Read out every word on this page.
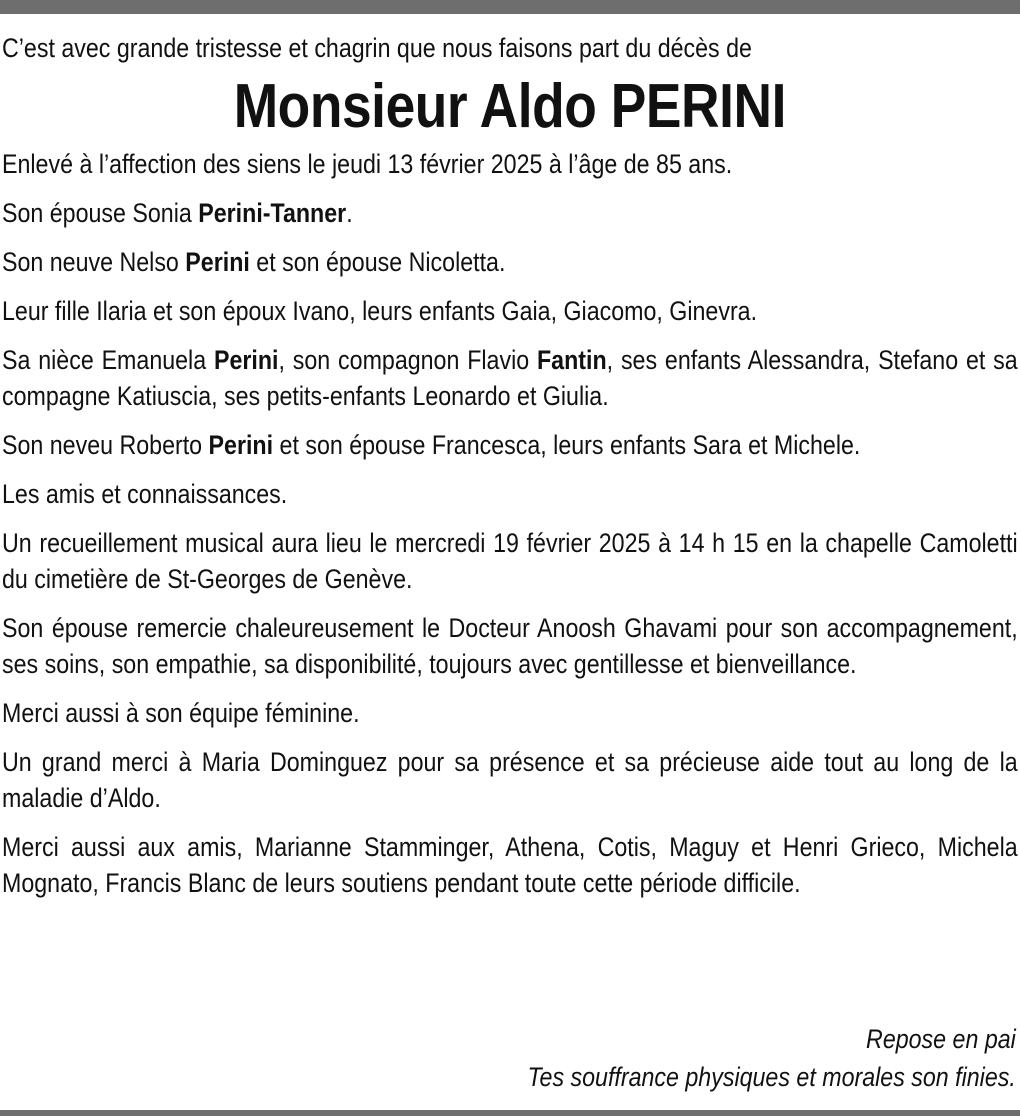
C’est avec grande tristesse et chagrin que nous faisons part du décès de

Monsieur Aldo PERINI

Enlevé à l’affection des siens le jeudi 13 février 2025 à l’âge de 85 ans.

Son épouse Sonia Perini-Tanner.

Son neuve Nelso Perini et son épouse Nicoletta.

Leur fille Ilaria et son époux Ivano, leurs enfants Gaia, Giacomo, Ginevra.

Sa nièce Emanuela Perini, son compagnon Flavio Fantin, ses enfants Alessandra, Stefano et sa compagne Katiuscia, ses petits-enfants Leonardo et Giulia.

Son neveu Roberto Perini et son épouse Francesca, leurs enfants Sara et Michele.

Les amis et connaissances.

Un recueillement musical aura lieu le mercredi 19 février 2025 à 14 h 15 en la chapelle Camoletti du cimetière de St-Georges de Genève.

Son épouse remercie chaleureusement le Docteur Anoosh Ghavami pour son accompagnement, ses soins, son empathie, sa disponibilité, toujours avec gentillesse et bienveillance.

Merci aussi à son équipe féminine.

Un grand merci à Maria Dominguez pour sa présence et sa précieuse aide tout au long de la maladie d’Aldo.

Merci aussi aux amis, Marianne Stamminger, Athena, Cotis, Maguy et Henri Grieco, Michela Mognato, Francis Blanc de leurs soutiens pendant toute cette période difficile.

Repose en pai
Tes souffrance physiques et morales son finies.
